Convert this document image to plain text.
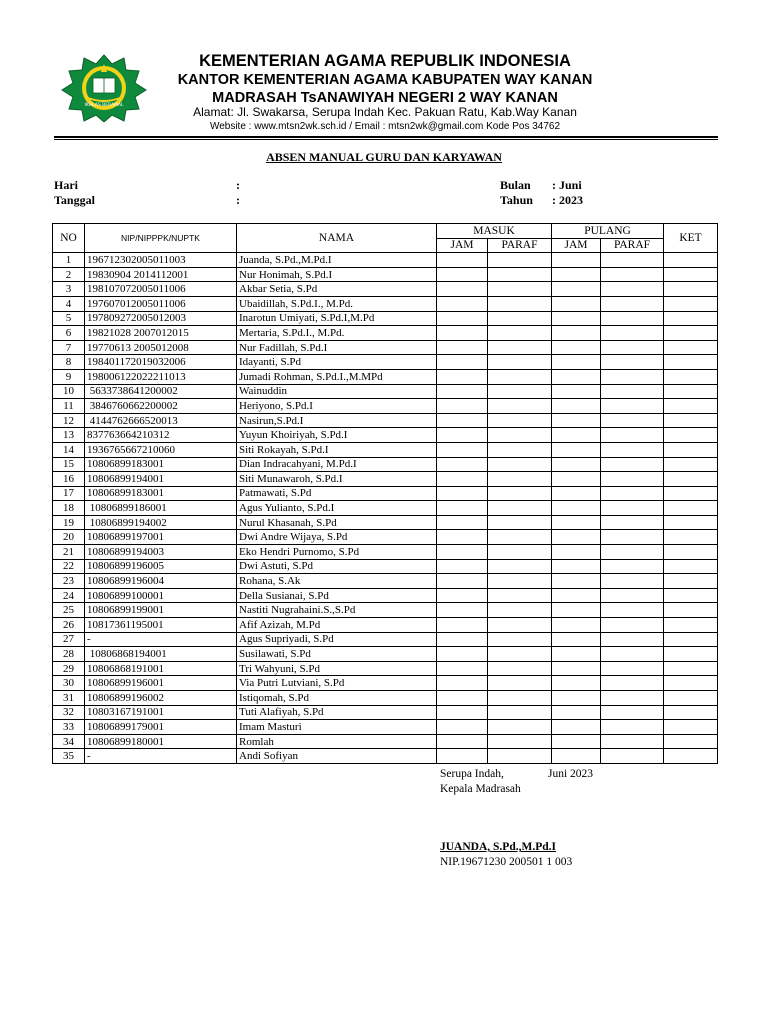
IKHLAS BERAMAL
KEMENTERIAN AGAMA REPUBLIK INDONESIA
KANTOR KEMENTERIAN AGAMA KABUPATEN WAY KANAN
MADRASAH TsANAWIYAH NEGERI 2 WAY KANAN
Alamat: Jl. Swakarsa, Serupa Indah Kec. Pakuan Ratu, Kab.Way Kanan
Website : www.mtsn2wk.sch.id / Email : mtsn2wk@gmail.com Kode Pos 34762
ABSEN MANUAL GURU DAN KARYAWAN
Hari	:
Tanggal	:
Bulan : Juni
Tahun : 2023
NO	NIP/NIPPPK/NUPTK	NAMA	MASUK		PULANG		KET
			JAM	PARAF	JAM	PARAF	
1	196712302005011003	Juanda, S.Pd.,M.Pd.I					
2	19830904 2014112001	Nur Honimah, S.Pd.I					
3	198107072005011006	Akbar Setia, S.Pd					
4	197607012005011006	Ubaidillah, S.Pd.I., M.Pd.					
5	197809272005012003	Inarotun Umiyati, S.Pd.I,M.Pd					
6	19821028 2007012015	Mertaria, S.Pd.I., M.Pd.					
7	19770613 2005012008	Nur Fadillah, S.Pd.I					
8	198401172019032006	Idayanti, S.Pd					
9	198006122022211013	Jumadi Rohman, S.Pd.I.,M.MPd					
10	5633738641200002	Wainuddin					
11	3846760662200002	Heriyono, S.Pd.I					
12	4144762666520013	Nasirun,S.Pd.I					
13	837763664210312	Yuyun Khoiriyah, S.Pd.I					
14	1936765667210060	Siti Rokayah, S.Pd.I					
15	10806899183001	Dian Indracahyani, M.Pd.I					
16	10806899194001	Siti Munawaroh, S.Pd.I					
17	10806899183001	Patmawati, S.Pd					
18	10806899186001	Agus Yulianto, S.Pd.I					
19	10806899194002	Nurul Khasanah, S.Pd					
20	10806899197001	Dwi Andre Wijaya, S.Pd					
21	10806899194003	Eko Hendri Purnomo, S.Pd					
22	10806899196005	Dwi Astuti, S.Pd					
23	10806899196004	Rohana, S.Ak					
24	10806899100001	Della Susianai, S.Pd					
25	10806899199001	Nastiti Nugrahaini.S.,S.Pd					
26	10817361195001	Afif Azizah, M.Pd					
27	-	Agus Supriyadi, S.Pd					
28	10806868194001	Susilawati, S.Pd					
29	10806868191001	Tri Wahyuni, S.Pd					
30	10806899196001	Via Putri Lutviani, S.Pd					
31	10806899196002	Istiqomah, S.Pd					
32	10803167191001	Tuti Alafiyah, S.Pd					
33	10806899179001	Imam Masturi					
34	10806899180001	Romlah					
35	-	Andi Sofiyan					
Serupa Indah,	Juni 2023
Kepala Madrasah
JUANDA, S.Pd.,M.Pd.I
NIP.19671230 200501 1 003
